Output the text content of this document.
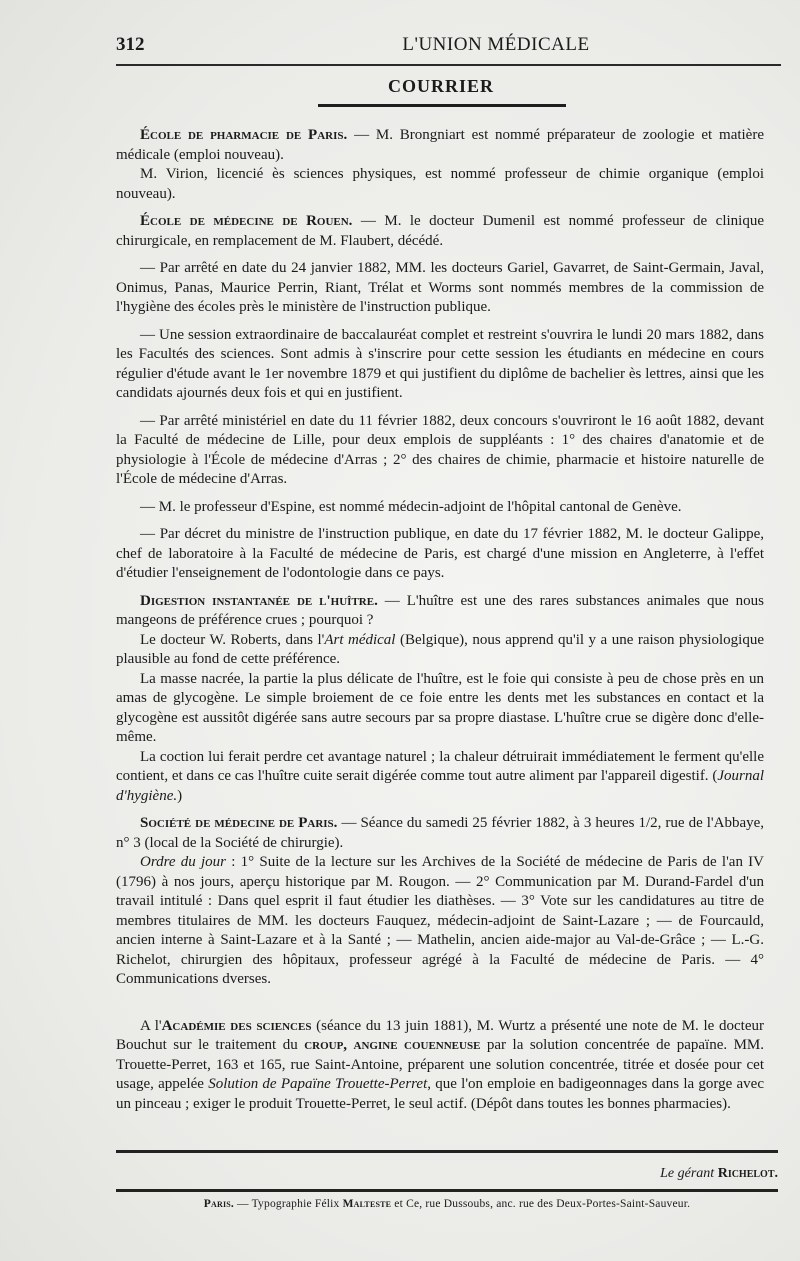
312	L'UNION MÉDICALE
COURRIER

École de pharmacie de Paris. — M. Brongniart est nommé préparateur de zoologie et matière médicale (emploi nouveau).

M. Virion, licencié ès sciences physiques, est nommé professeur de chimie organique (emploi nouveau).

École de médecine de Rouen. — M. le docteur Dumenil est nommé professeur de clinique chirurgicale, en remplacement de M. Flaubert, décédé.

— Par arrêté en date du 24 janvier 1882, MM. les docteurs Gariel, Gavarret, de Saint-Germain, Javal, Onimus, Panas, Maurice Perrin, Riant, Trélat et Worms sont nommés membres de la commission de l'hygiène des écoles près le ministère de l'instruction publique.

— Une session extraordinaire de baccalauréat complet et restreint s'ouvrira le lundi 20 mars 1882, dans les Facultés des sciences. Sont admis à s'inscrire pour cette session les étudiants en médecine en cours régulier d'étude avant le 1er novembre 1879 et qui justifient du diplôme de bachelier ès lettres, ainsi que les candidats ajournés deux fois et qui en justifient.

— Par arrêté ministériel en date du 11 février 1882, deux concours s'ouvriront le 16 août 1882, devant la Faculté de médecine de Lille, pour deux emplois de suppléants : 1° des chaires d'anatomie et de physiologie à l'École de médecine d'Arras ; 2° des chaires de chimie, pharmacie et histoire naturelle de l'École de médecine d'Arras.

— M. le professeur d'Espine, est nommé médecin-adjoint de l'hôpital cantonal de Genève.

— Par décret du ministre de l'instruction publique, en date du 17 février 1882, M. le docteur Galippe, chef de laboratoire à la Faculté de médecine de Paris, est chargé d'une mission en Angleterre, à l'effet d'étudier l'enseignement de l'odontologie dans ce pays.

Digestion instantanée de l'huître. — L'huître est une des rares substances animales que nous mangeons de préférence crues ; pourquoi ?

Le docteur W. Roberts, dans l'Art médical (Belgique), nous apprend qu'il y a une raison physiologique plausible au fond de cette préférence.

La masse nacrée, la partie la plus délicate de l'huître, est le foie qui consiste à peu de chose près en un amas de glycogène. Le simple broiement de ce foie entre les dents met les substances en contact et la glycogène est aussitôt digérée sans autre secours par sa propre diastase. L'huître crue se digère donc d'elle-même.

La coction lui ferait perdre cet avantage naturel ; la chaleur détruirait immédiatement le ferment qu'elle contient, et dans ce cas l'huître cuite serait digérée comme tout autre aliment par l'appareil digestif. (Journal d'hygiène.)

Société de médecine de Paris. — Séance du samedi 25 février 1882, à 3 heures 1/2, rue de l'Abbaye, n° 3 (local de la Société de chirurgie).

Ordre du jour : 1° Suite de la lecture sur les Archives de la Société de médecine de Paris de l'an IV (1796) à nos jours, aperçu historique par M. Rougon. — 2° Communication par M. Durand-Fardel d'un travail intitulé : Dans quel esprit il faut étudier les diathèses. — 3° Vote sur les candidatures au titre de membres titulaires de MM. les docteurs Fauquez, médecin-adjoint de Saint-Lazare ; — de Fourcauld, ancien interne à Saint-Lazare et à la Santé ; — Mathelin, ancien aide-major au Val-de-Grâce ; — L.-G. Richelot, chirurgien des hôpitaux, professeur agrégé à la Faculté de médecine de Paris. — 4° Communications dverses.

A l'Académie des sciences (séance du 13 juin 1881), M. Wurtz a présenté une note de M. le docteur Bouchut sur le traitement du croup, angine couenneuse par la solution concentrée de papaïne. MM. Trouette-Perret, 163 et 165, rue Saint-Antoine, préparent une solution concentrée, titrée et dosée pour cet usage, appelée Solution de Papaïne Trouette-Perret, que l'on emploie en badigeonnages dans la gorge avec un pinceau ; exiger le produit Trouette-Perret, le seul actif. (Dépôt dans toutes les bonnes pharmacies).

Le gérant Richelot.
Paris. — Typographie Félix Malteste et Ce, rue Dussoubs, anc. rue des Deux-Portes-Saint-Sauveur.
